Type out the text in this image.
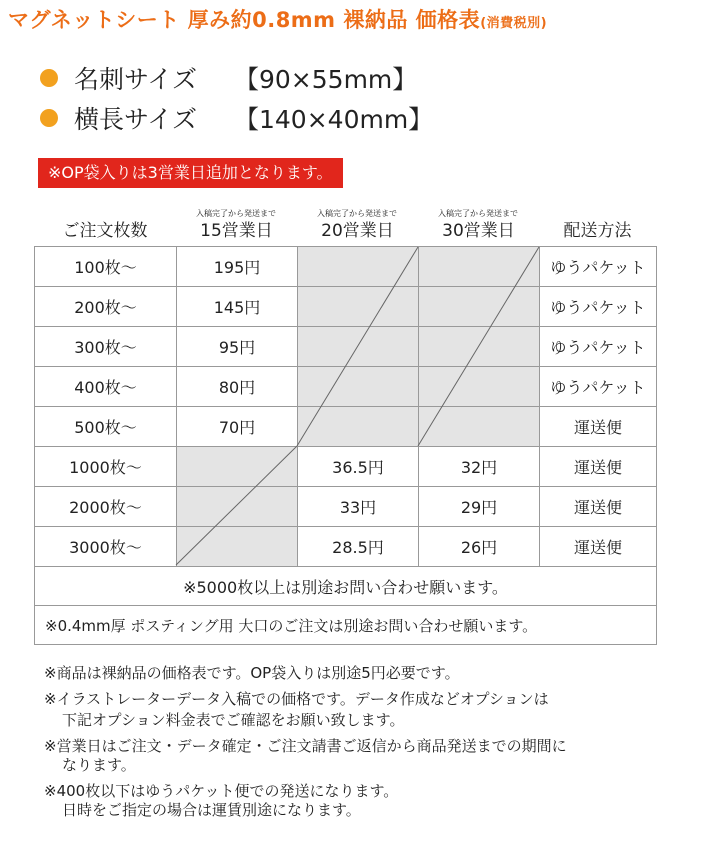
マグネットシート 厚み約0.8mm 裸納品 価格表(消費税別)
名刺サイズ	【90×55mm】
横長サイズ	【140×40mm】
※OP袋入りは3営業日追加となります。
入稿完了から発送まで	入稿完了から発送まで	入稿完了から発送まで
ご注文枚数	15営業日	20営業日	30営業日	配送方法
100枚～	195円			ゆうパケット
200枚～	145円			ゆうパケット
300枚～	95円			ゆうパケット
400枚～	80円			ゆうパケット
500枚～	70円			運送便
1000枚～		36.5円	32円	運送便
2000枚～		33円	29円	運送便
3000枚～		28.5円	26円	運送便
※5000枚以上は別途お問い合わせ願います。				
※0.4mm厚 ポスティング用 大口のご注文は別途お問い合わせ願います。				

※商品は裸納品の価格表です。OP袋入りは別途5円必要です。

※イラストレーターデータ入稿での価格です。データ作成などオプションは

下記オプション料金表でご確認をお願い致します。

※営業日はご注文・データ確定・ご注文請書ご返信から商品発送までの期間に

なります。

※400枚以下はゆうパケット便での発送になります。

日時をご指定の場合は運賃別途になります。
